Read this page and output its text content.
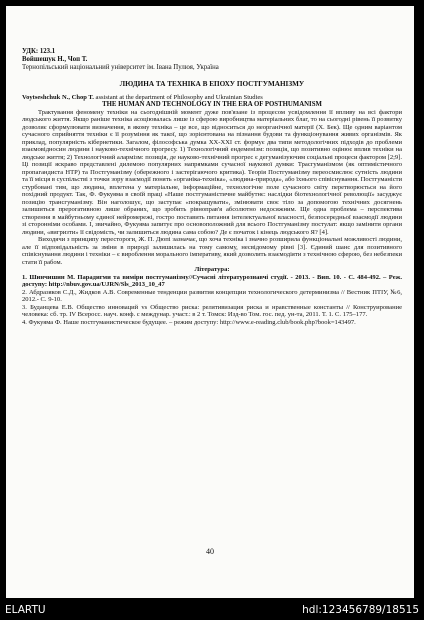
УДК: 123.1

Войшешук Н., Чоп Т.

Тернопільський національний університет ім. Івана Пулюя, Україна

ЛЮДИНА ТА ТЕХНІКА В ЕПОХУ ПОСТГУМАНІЗМУ

Voytseshchuk N., Chop T. assistant at the department of Philosophy and Ukrainian Studies

THE HUMAN AND TECHNOLOGY IN THE ERA OF POSTHUMANISM

Трактування феномену техніки на сьогоднішній момент дуже пов'язане із процесом усвідомлення її впливу на всі фактори людського життя. Якщо раніше техніка асоціювалась лише із сферою виробництва матеріальних благ, то на сьогодні рівень її розвитку дозволяє сформулювати визначення, в якому техніка – це все, що відноситься до неорганічної матерії (Х. Бек). Ще одним варіантом сучасного сприйняття техніки є її розуміння як такої, що зорієнтована на пізнання будови та функціонування живих організмів. Як приклад, популярність кібернетики. Загалом, філософська думка ХХ-ХХІ ст. формує два типи методологічних підходів до проблеми взаємовідносин людини і науково-технічного прогресу. 1) Технологічний ендеменізм: позиція, що позитивно оцінює вплив техніки на людське життя; 2) Технологічний алармізм: позиція, де науково-технічний прогрес є дегуманізуючим соціальні процеси фактором [2;9]. Ці позиції яскраво представлені дилемою популярних напрямками сучасної наукової думки: Трасгуманізмом (як оптимістичного пропагандиста НТР) та Постгуманізму (обережного і застерігаючого критика). Теорія Постгуманізму переосмислює сутність людини та її місця в суспільстві з точки зору взаємодії понять «органіка-техніка», «людина-природа», або їхнього співіснування. Постгуманісти стурбовані тим, що людина, вплетена у матеріальне, інформаційне, технологічне поле сучасного світу перетворюється на його похідний продукт. Так, Ф. Фукуяма в своїй праці «Наше постгуманістичне майбутнє: наслідки біотехнологічної революції» засуджує позицію трансгуманізму. Він наголошує, що заступає «покращувати», змінювати своє тіло за допомогою технічних досягнень залишиться прерогативною лише обраних, що зробить рівноправ'я абсолютно недосяжним. Ще одна проблема – перспектива створення в майбутньому єдиної нейромережі, гостро поставить питання інтелектуальної власності, безпосередньої взаємодії людини зі сторонніми особами. І, звичайно, Фукуяма запитує про основоположний для всього Постгуманізму постулат: якщо замінити органи людини, «вигризти» її свідомість, чи залишиться людина сама собою? Де є початок і кінець людського Я? [4].

Виходячи з принципу перестороги, Ж. П. Дюпі зазначає, що хоча техніка і значно розширила функціональні можливості людини, але її відповідальність за зміни в природі залишилась на тому самому, несвідомому рівні [3]. Єдиний шанс для позитивного співіснування людини і техніки – є вироблення морального імперативу, який дозволить взаємодіяти з технічною сферою, без небезпеки стати її рабом.

Література:

1. Шинчишин М. Парадигми та виміри постгуманізму//Сучасні літературознавчі студії. - 2013. - Вип. 10. - С. 484-492. – Реж. доступу: http://nbuv.gov.ua/UJRN/Sls_2013_10_47

2. Абдразяков С.Д., Жидков А.В. Современные тенденции развития концепции технологического детерминизма // Вестник ПТІУ, №6, 2012.- С. 9-10.

3. Буданцева Е.В. Общество инноваций vs Общество риска: релятивизация риска и нравственные константы // Конструирование человека: сб. тр. IV Всеросс. науч. конф. с междунар. участ.: в 2 т. Томск: Изд-во Том. гос. пед. ун-та, 2011. Т. 1. С. 175–177.

4. Фукуяма Ф. Наше постгуманистическое будущее. – режим доступу: http://www.e-reading.club/book.php?book=143497.

40
ELARTU	hdl:123456789/18515
